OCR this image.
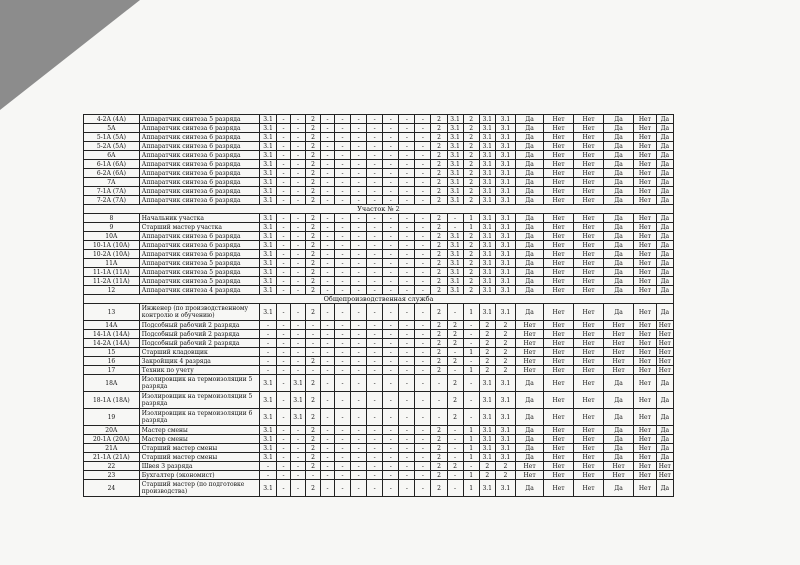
4-2А (4А)	Аппаратчик синтеза 5 разряда	3.1	-	-	2	-	-	-	-	-	-	-	2	3.1	2	3.1	3.1	Да	Нет	Нет	Да	Нет	Да
5А	Аппаратчик синтеза 6 разряда	3.1	-	-	2	-	-	-	-	-	-	-	2	3.1	2	3.1	3.1	Да	Нет	Нет	Да	Нет	Да
5-1А (5А)	Аппаратчик синтеза 6 разряда	3.1	-	-	2	-	-	-	-	-	-	-	2	3.1	2	3.1	3.1	Да	Нет	Нет	Да	Нет	Да
5-2А (5А)	Аппаратчик синтеза 6 разряда	3.1	-	-	2	-	-	-	-	-	-	-	2	3.1	2	3.1	3.1	Да	Нет	Нет	Да	Нет	Да
6А	Аппаратчик синтеза 6 разряда	3.1	-	-	2	-	-	-	-	-	-	-	2	3.1	2	3.1	3.1	Да	Нет	Нет	Да	Нет	Да
6-1А (6А)	Аппаратчик синтеза 6 разряда	3.1	-	-	2	-	-	-	-	-	-	-	2	3.1	2	3.1	3.1	Да	Нет	Нет	Да	Нет	Да
6-2А (6А)	Аппаратчик синтеза 6 разряда	3.1	-	-	2	-	-	-	-	-	-	-	2	3.1	2	3.1	3.1	Да	Нет	Нет	Да	Нет	Да
7А	Аппаратчик синтеза 6 разряда	3.1	-	-	2	-	-	-	-	-	-	-	2	3.1	2	3.1	3.1	Да	Нет	Нет	Да	Нет	Да
7-1А (7А)	Аппаратчик синтеза 6 разряда	3.1	-	-	2	-	-	-	-	-	-	-	2	3.1	2	3.1	3.1	Да	Нет	Нет	Да	Нет	Да
7-2А (7А)	Аппаратчик синтеза 6 разряда	3.1	-	-	2	-	-	-	-	-	-	-	2	3.1	2	3.1	3.1	Да	Нет	Нет	Да	Нет	Да
Участок № 2																							
8	Начальник участка	3.1	-	-	2	-	-	-	-	-	-	-	2	-	1	3.1	3.1	Да	Нет	Нет	Да	Нет	Да
9	Старший мастер участка	3.1	-	-	2	-	-	-	-	-	-	-	2	-	1	3.1	3.1	Да	Нет	Нет	Да	Нет	Да
10А	Аппаратчик синтеза 6 разряда	3.1	-	-	2	-	-	-	-	-	-	-	2	3.1	2	3.1	3.1	Да	Нет	Нет	Да	Нет	Да
10-1А (10А)	Аппаратчик синтеза 6 разряда	3.1	-	-	2	-	-	-	-	-	-	-	2	3.1	2	3.1	3.1	Да	Нет	Нет	Да	Нет	Да
10-2А (10А)	Аппаратчик синтеза 6 разряда	3.1	-	-	2	-	-	-	-	-	-	-	2	3.1	2	3.1	3.1	Да	Нет	Нет	Да	Нет	Да
11А	Аппаратчик синтеза 5 разряда	3.1	-	-	2	-	-	-	-	-	-	-	2	3.1	2	3.1	3.1	Да	Нет	Нет	Да	Нет	Да
11-1А (11А)	Аппаратчик синтеза 5 разряда	3.1	-	-	2	-	-	-	-	-	-	-	2	3.1	2	3.1	3.1	Да	Нет	Нет	Да	Нет	Да
11-2А (11А)	Аппаратчик синтеза 5 разряда	3.1	-	-	2	-	-	-	-	-	-	-	2	3.1	2	3.1	3.1	Да	Нет	Нет	Да	Нет	Да
12	Аппаратчик синтеза 4 разряда	3.1	-	-	2	-	-	-	-	-	-	-	2	3.1	2	3.1	3.1	Да	Нет	Нет	Да	Нет	Да
Общепроизводственная служба																							
13	Инженер (по производственному контролю и обучению)	3.1	-	-	2	-	-	-	-	-	-	-	2	-	1	3.1	3.1	Да	Нет	Нет	Да	Нет	Да
14А	Подсобный рабочий 2 разряда	-	-	-	-	-	-	-	-	-	-	-	2	2	-	2	2	Нет	Нет	Нет	Нет	Нет	Нет
14-1А (14А)	Подсобный рабочий 2 разряда	-	-	-	-	-	-	-	-	-	-	-	2	2	-	2	2	Нет	Нет	Нет	Нет	Нет	Нет
14-2А (14А)	Подсобный рабочий 2 разряда	-	-	-	-	-	-	-	-	-	-	-	2	2	-	2	2	Нет	Нет	Нет	Нет	Нет	Нет
15	Старший кладовщик	-	-	-	-	-	-	-	-	-	-	-	2	-	1	2	2	Нет	Нет	Нет	Нет	Нет	Нет
16	Закройщик 4 разряда	-	-	-	2	-	-	-	-	-	-	-	2	2	-	2	2	Нет	Нет	Нет	Нет	Нет	Нет
17	Техник по учету	-	-	-	-	-	-	-	-	-	-	-	2	-	1	2	2	Нет	Нет	Нет	Нет	Нет	Нет
18А	Изолировщик на термоизоляции 5 разряда	3.1	-	3.1	2	-	-	-	-	-	-	-	-	2	-	3.1	3.1	Да	Нет	Нет	Да	Нет	Да
18-1А (18А)	Изолировщик на термоизоляции 5 разряда	3.1	-	3.1	2	-	-	-	-	-	-	-	-	2	-	3.1	3.1	Да	Нет	Нет	Да	Нет	Да
19	Изолировщик на термоизоляции 6 разряда	3.1	-	3.1	2	-	-	-	-	-	-	-	-	2	-	3.1	3.1	Да	Нет	Нет	Да	Нет	Да
20А	Мастер смены	3.1	-	-	2	-	-	-	-	-	-	-	2	-	1	3.1	3.1	Да	Нет	Нет	Да	Нет	Да
20-1А (20А)	Мастер смены	3.1	-	-	2	-	-	-	-	-	-	-	2	-	1	3.1	3.1	Да	Нет	Нет	Да	Нет	Да
21А	Старший мастер смены	3.1	-	-	2	-	-	-	-	-	-	-	2	-	1	3.1	3.1	Да	Нет	Нет	Да	Нет	Да
21-1А (21А)	Старший мастер смены	3.1	-	-	2	-	-	-	-	-	-	-	2	-	1	3.1	3.1	Да	Нет	Нет	Да	Нет	Да
22	Швея 3 разряда	-	-	-	2	-	-	-	-	-	-	-	2	2	-	2	2	Нет	Нет	Нет	Нет	Нет	Нет
23	Бухгалтер (экономист)	-	-	-	-	-	-	-	-	-	-	-	2	-	1	2	2	Нет	Нет	Нет	Нет	Нет	Нет
24	Старший мастер (по подготовке производства)	3.1	-	-	2	-	-	-	-	-	-	-	2	-	1	3.1	3.1	Да	Нет	Нет	Да	Нет	Да
